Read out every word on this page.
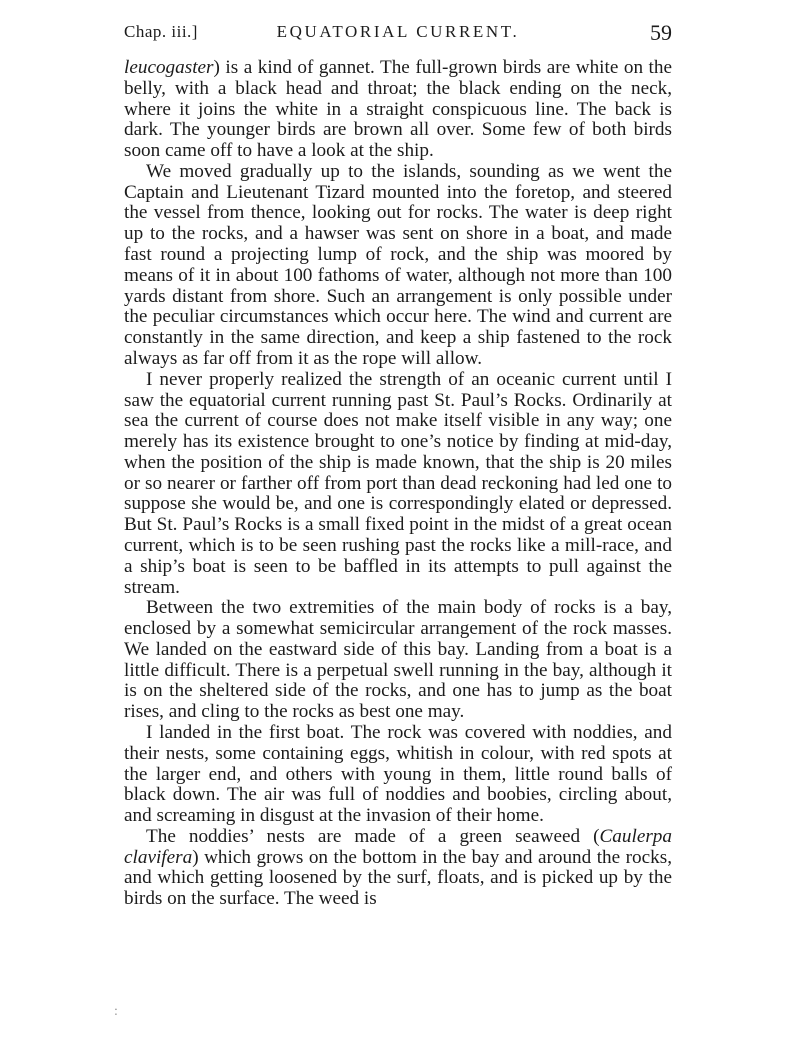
Chap. iii.]	EQUATORIAL CURRENT.	59

leucogaster) is a kind of gannet. The full-grown birds are white on the belly, with a black head and throat; the black ending on the neck, where it joins the white in a straight conspicuous line. The back is dark. The younger birds are brown all over. Some few of both birds soon came off to have a look at the ship.

We moved gradually up to the islands, sounding as we went the Captain and Lieutenant Tizard mounted into the foretop, and steered the vessel from thence, looking out for rocks. The water is deep right up to the rocks, and a hawser was sent on shore in a boat, and made fast round a projecting lump of rock, and the ship was moored by means of it in about 100 fathoms of water, although not more than 100 yards distant from shore. Such an arrangement is only possible under the peculiar circumstances which occur here. The wind and current are constantly in the same direction, and keep a ship fastened to the rock always as far off from it as the rope will allow.

I never properly realized the strength of an oceanic current until I saw the equatorial current running past St. Paul’s Rocks. Ordinarily at sea the current of course does not make itself visible in any way; one merely has its existence brought to one’s notice by finding at mid-day, when the position of the ship is made known, that the ship is 20 miles or so nearer or farther off from port than dead reckoning had led one to suppose she would be, and one is correspondingly elated or depressed. But St. Paul’s Rocks is a small fixed point in the midst of a great ocean current, which is to be seen rushing past the rocks like a mill-race, and a ship’s boat is seen to be baffled in its attempts to pull against the stream.

Between the two extremities of the main body of rocks is a bay, enclosed by a somewhat semicircular arrangement of the rock masses. We landed on the eastward side of this bay. Landing from a boat is a little difficult. There is a perpetual swell running in the bay, although it is on the sheltered side of the rocks, and one has to jump as the boat rises, and cling to the rocks as best one may.

I landed in the first boat. The rock was covered with noddies, and their nests, some containing eggs, whitish in colour, with red spots at the larger end, and others with young in them, little round balls of black down. The air was full of noddies and boobies, circling about, and screaming in disgust at the invasion of their home.

The noddies’ nests are made of a green seaweed (Caulerpa clavifera) which grows on the bottom in the bay and around the rocks, and which getting loosened by the surf, floats, and is picked up by the birds on the surface. The weed is

:
